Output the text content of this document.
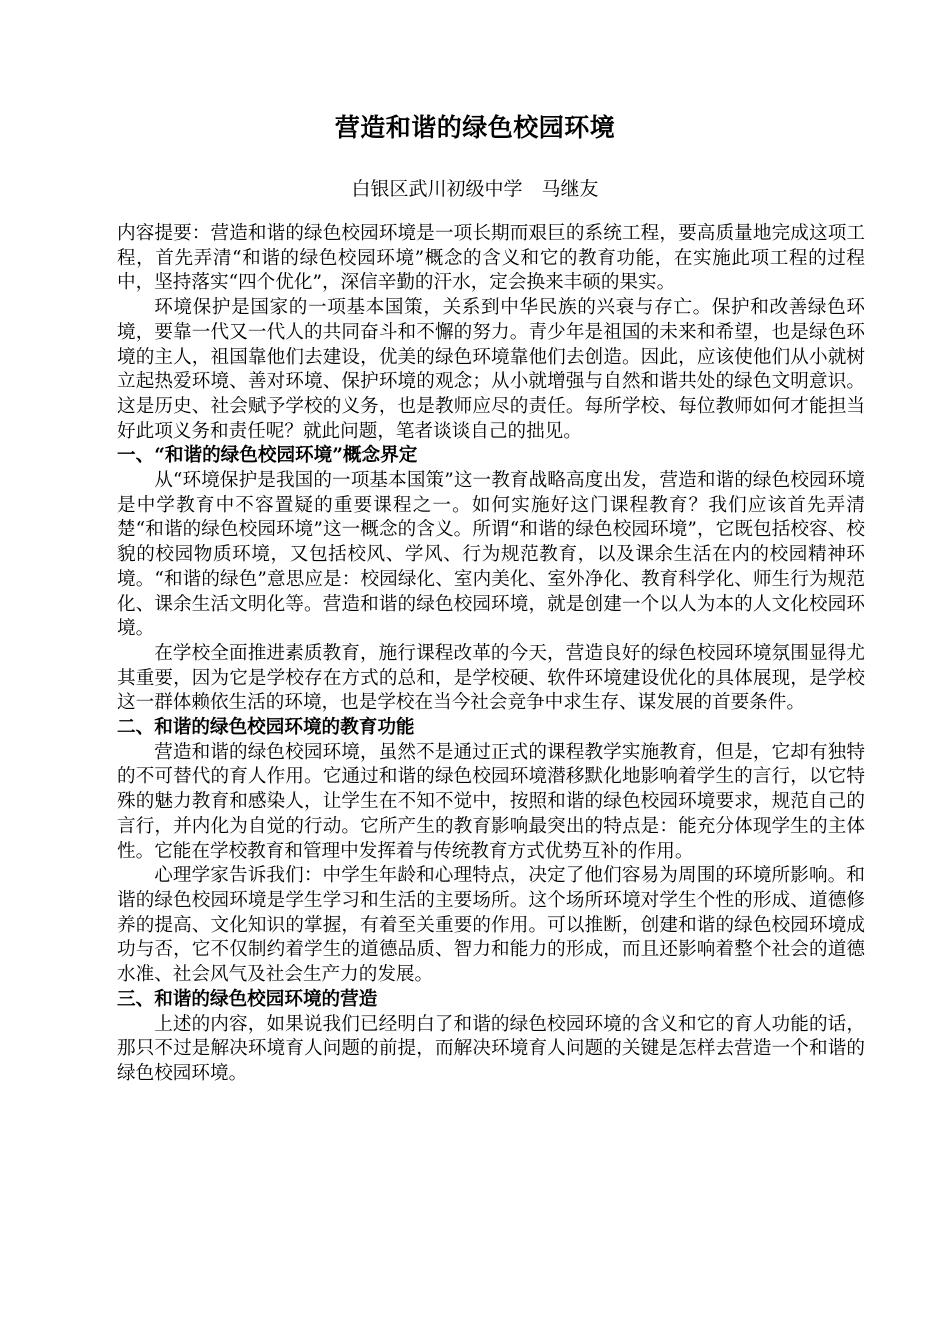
营造和谐的绿色校园环境
白银区武川初级中学　马继友

内容提要：营造和谐的绿色校园环境是一项长期而艰巨的系统工程，要高质量地完成这项工程，首先弄清“和谐的绿色校园环境”概念的含义和它的教育功能，在实施此项工程的过程中，坚持落实“四个优化”，深信辛勤的汗水，定会换来丰硕的果实。

环境保护是国家的一项基本国策，关系到中华民族的兴衰与存亡。保护和改善绿色环境，要靠一代又一代人的共同奋斗和不懈的努力。青少年是祖国的未来和希望，也是绿色环境的主人，祖国靠他们去建设，优美的绿色环境靠他们去创造。因此，应该使他们从小就树立起热爱环境、善对环境、保护环境的观念；从小就增强与自然和谐共处的绿色文明意识。这是历史、社会赋予学校的义务，也是教师应尽的责任。每所学校、每位教师如何才能担当好此项义务和责任呢？就此问题，笔者谈谈自己的拙见。

一、“和谐的绿色校园环境”概念界定

从“环境保护是我国的一项基本国策”这一教育战略高度出发，营造和谐的绿色校园环境是中学教育中不容置疑的重要课程之一。如何实施好这门课程教育？我们应该首先弄清楚“和谐的绿色校园环境”这一概念的含义。所谓“和谐的绿色校园环境”，它既包括校容、校貌的校园物质环境，又包括校风、学风、行为规范教育，以及课余生活在内的校园精神环境。“和谐的绿色”意思应是：校园绿化、室内美化、室外净化、教育科学化、师生行为规范化、课余生活文明化等。营造和谐的绿色校园环境，就是创建一个以人为本的人文化校园环境。

在学校全面推进素质教育，施行课程改革的今天，营造良好的绿色校园环境氛围显得尤其重要，因为它是学校存在方式的总和，是学校硬、软件环境建设优化的具体展现，是学校这一群体赖依生活的环境，也是学校在当今社会竞争中求生存、谋发展的首要条件。

二、和谐的绿色校园环境的教育功能

营造和谐的绿色校园环境，虽然不是通过正式的课程教学实施教育，但是，它却有独特的不可替代的育人作用。它通过和谐的绿色校园环境潜移默化地影响着学生的言行，以它特殊的魅力教育和感染人，让学生在不知不觉中，按照和谐的绿色校园环境要求，规范自己的言行，并内化为自觉的行动。它所产生的教育影响最突出的特点是：能充分体现学生的主体性。它能在学校教育和管理中发挥着与传统教育方式优势互补的作用。

心理学家告诉我们：中学生年龄和心理特点，决定了他们容易为周围的环境所影响。和谐的绿色校园环境是学生学习和生活的主要场所。这个场所环境对学生个性的形成、道德修养的提高、文化知识的掌握，有着至关重要的作用。可以推断，创建和谐的绿色校园环境成功与否，它不仅制约着学生的道德品质、智力和能力的形成，而且还影响着整个社会的道德水准、社会风气及社会生产力的发展。

三、和谐的绿色校园环境的营造

上述的内容，如果说我们已经明白了和谐的绿色校园环境的含义和它的育人功能的话，那只不过是解决环境育人问题的前提，而解决环境育人问题的关键是怎样去营造一个和谐的绿色校园环境。
